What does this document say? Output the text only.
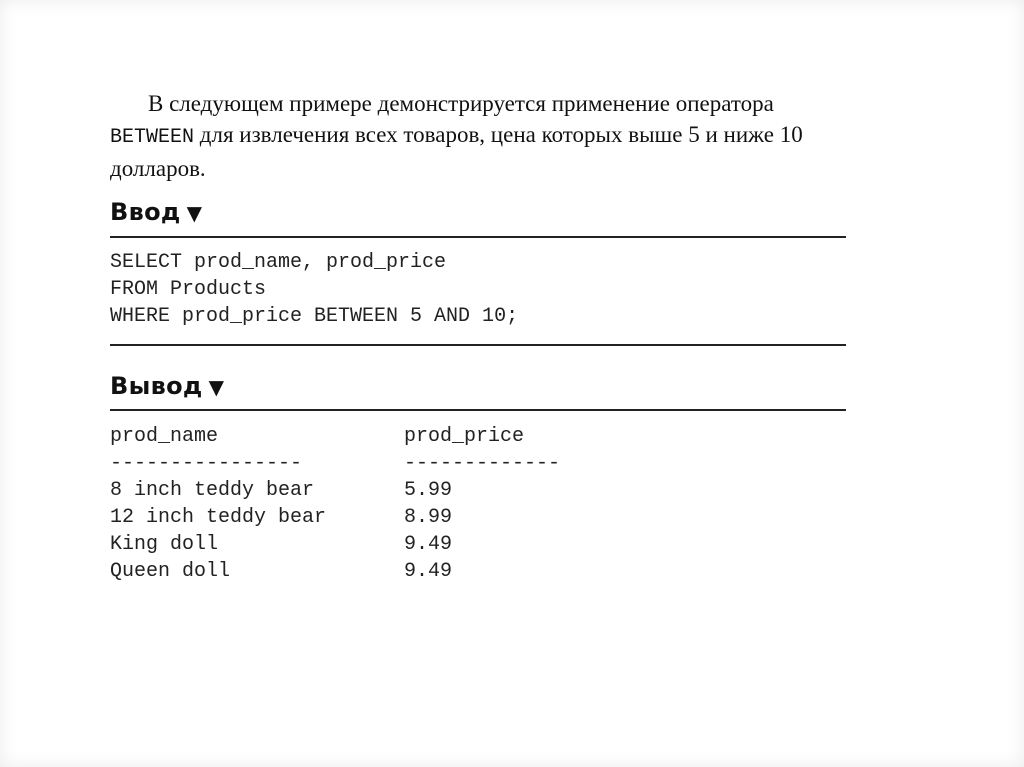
В следующем примере демонстрируется применение оператора BETWEEN для извлечения всех товаров, цена которых выше 5 и ниже 10 долларов.
Ввод ▼
SELECT prod_name, prod_price
FROM Products
WHERE prod_price BETWEEN 5 AND 10;
Вывод ▼
prod_name	prod_price
----------------	-------------
8 inch teddy bear	5.99
12 inch teddy bear	8.99
King doll	9.49
Queen doll	9.49
